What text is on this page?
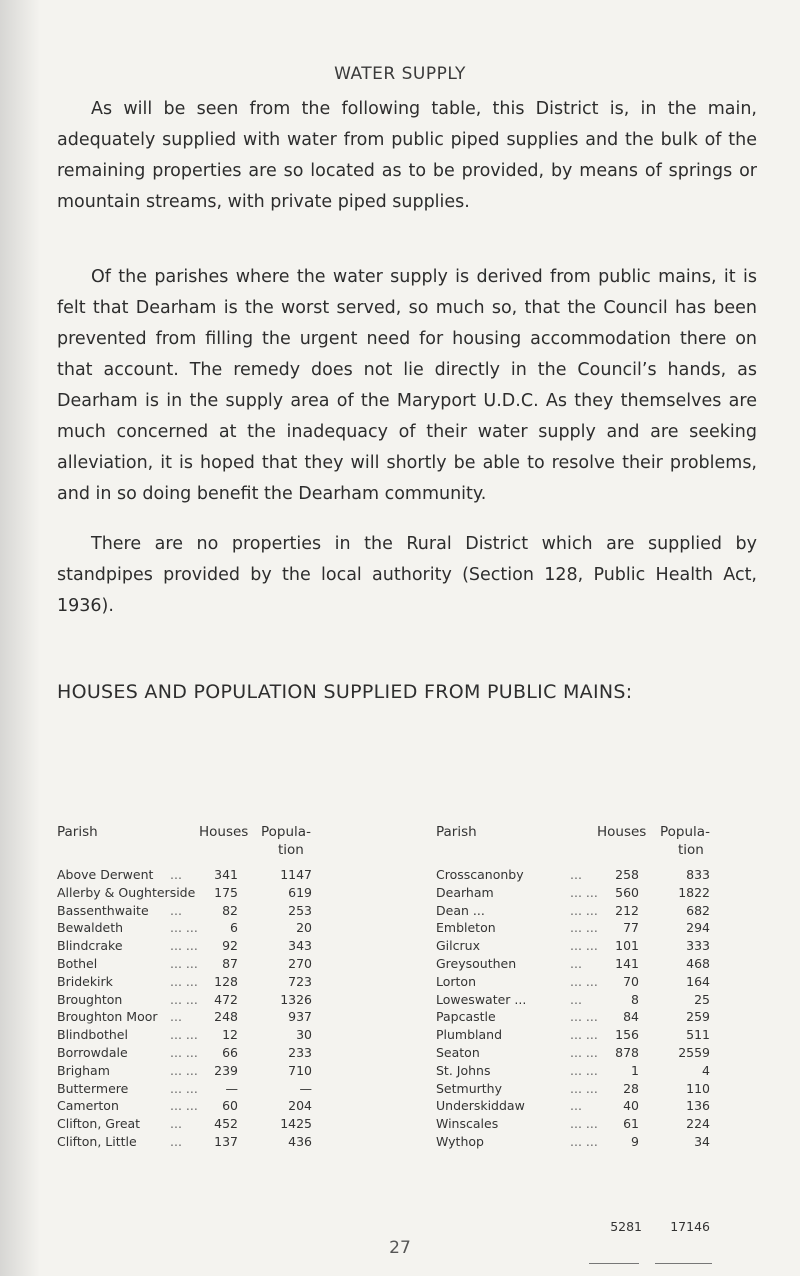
WATER SUPPLY
As will be seen from the following table, this District is, in the main, adequately supplied with water from public piped supplies and the bulk of the remaining properties are so located as to be provided, by means of springs or mountain streams, with private piped supplies.
Of the parishes where the water supply is derived from public mains, it is felt that Dearham is the worst served, so much so, that the Council has been prevented from filling the urgent need for housing accommodation there on that account. The remedy does not lie directly in the Council’s hands, as Dearham is in the supply area of the Maryport U.D.C. As they themselves are much concerned at the inadequacy of their water supply and are seeking alleviation, it is hoped that they will shortly be able to resolve their problems, and in so doing benefit the Dearham community.
There are no properties in the Rural District which are supplied by standpipes provided by the local authority (Section 128, Public Health Act, 1936).
HOUSES AND POPULATION SUPPLIED FROM PUBLIC MAINS:
Parish	Houses Popula-
tion
Parish	Houses Popula-
tion
Above Derwent ...	341	1147
Allerby & Oughterside	175	619
Bassenthwaite ...	82	253
Bewaldeth	... ...	6	20
Blindcrake	... ...	92	343
Bothel	... ...	87	270
Bridekirk	... ...	128	723
Broughton	... ...	472	1326
Broughton Moor ...	248	937
Blindbothel	... ...	12	30
Borrowdale	... ...	66	233
Brigham	... ...	239	710
Buttermere	... ...	—	—
Camerton	... ...	60	204
Clifton, Great ...	452	1425
Clifton, Little	...	137	436
Crosscanonby	...	258	833
Dearham	... ...	560	1822
Dean ...	... ...	212	682
Embleton	... ...	77	294
Gilcrux	... ...	101	333
Greysouthen	...	141	468
Lorton	... ...	70	164
Loweswater ...	...	8	25
Papcastle	... ...	84	259
Plumbland	... ...	156	511
Seaton	... ...	878	2559
St. Johns	... ...	1	4
Setmurthy	... ...	28	110
Underskiddaw	...	40	136
Winscales	... ...	61	224
Wythop	... ...	9	34
5281	17146
27
